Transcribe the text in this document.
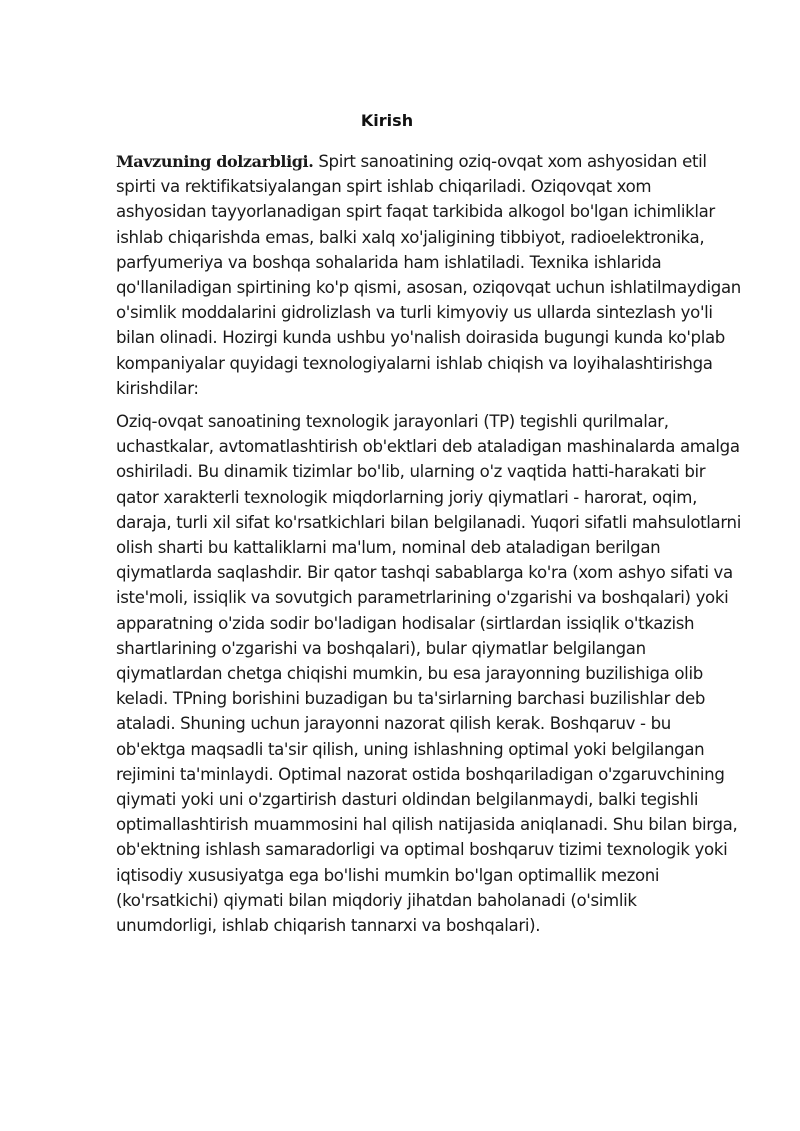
Kirish

Mavzuning dolzarbligi. Spirt sanoatining oziq-ovqat xom ashyosidan etil spirti va rektifikatsiyalangan spirt ishlab chiqariladi. Oziqovqat xom ashyosidan tayyorlanadigan spirt faqat tarkibida alkogol bo'lgan ichimliklar ishlab chiqarishda emas, balki xalq xo'jaligining tibbiyot, radioelektronika, parfyumeriya va boshqa sohalarida ham ishlatiladi. Texnika ishlarida qo'llaniladigan spirtining ko'p qismi, asosan, oziqovqat uchun ishlatilmaydigan o'simlik moddalarini gidrolizlash va turli kimyoviy us ullarda sintezlash yo'li bilan olinadi. Hozirgi kunda ushbu yo'nalish doirasida bugungi kunda ko'plab kompaniyalar quyidagi texnologiyalarni ishlab chiqish va loyihalashtirishga kirishdilar:

Oziq-ovqat sanoatining texnologik jarayonlari (TP) tegishli qurilmalar, uchastkalar, avtomatlashtirish ob'ektlari deb ataladigan mashinalarda amalga oshiriladi. Bu dinamik tizimlar bo'lib, ularning o'z vaqtida hatti-harakati bir qator xarakterli texnologik miqdorlarning joriy qiymatlari - harorat, oqim, daraja, turli xil sifat ko'rsatkichlari bilan belgilanadi. Yuqori sifatli mahsulotlarni olish sharti bu kattaliklarni ma'lum, nominal deb ataladigan berilgan qiymatlarda saqlashdir. Bir qator tashqi sabablarga ko'ra (xom ashyo sifati va iste'moli, issiqlik va sovutgich parametrlarining o'zgarishi va boshqalari) yoki apparatning o'zida sodir bo'ladigan hodisalar (sirtlardan issiqlik o'tkazish shartlarining o'zgarishi va boshqalari), bular qiymatlar belgilangan qiymatlardan chetga chiqishi mumkin, bu esa jarayonning buzilishiga olib keladi. TPning borishini buzadigan bu ta'sirlarning barchasi buzilishlar deb ataladi. Shuning uchun jarayonni nazorat qilish kerak. Boshqaruv - bu ob'ektga maqsadli ta'sir qilish, uning ishlashning optimal yoki belgilangan rejimini ta'minlaydi. Optimal nazorat ostida boshqariladigan o'zgaruvchining qiymati yoki uni o'zgartirish dasturi oldindan belgilanmaydi, balki tegishli optimallashtirish muammosini hal qilish natijasida aniqlanadi. Shu bilan birga, ob'ektning ishlash samaradorligi va optimal boshqaruv tizimi texnologik yoki iqtisodiy xususiyatga ega bo'lishi mumkin bo'lgan optimallik mezoni (ko'rsatkichi) qiymati bilan miqdoriy jihatdan baholanadi (o'simlik unumdorligi, ishlab chiqarish tannarxi va boshqalari).
